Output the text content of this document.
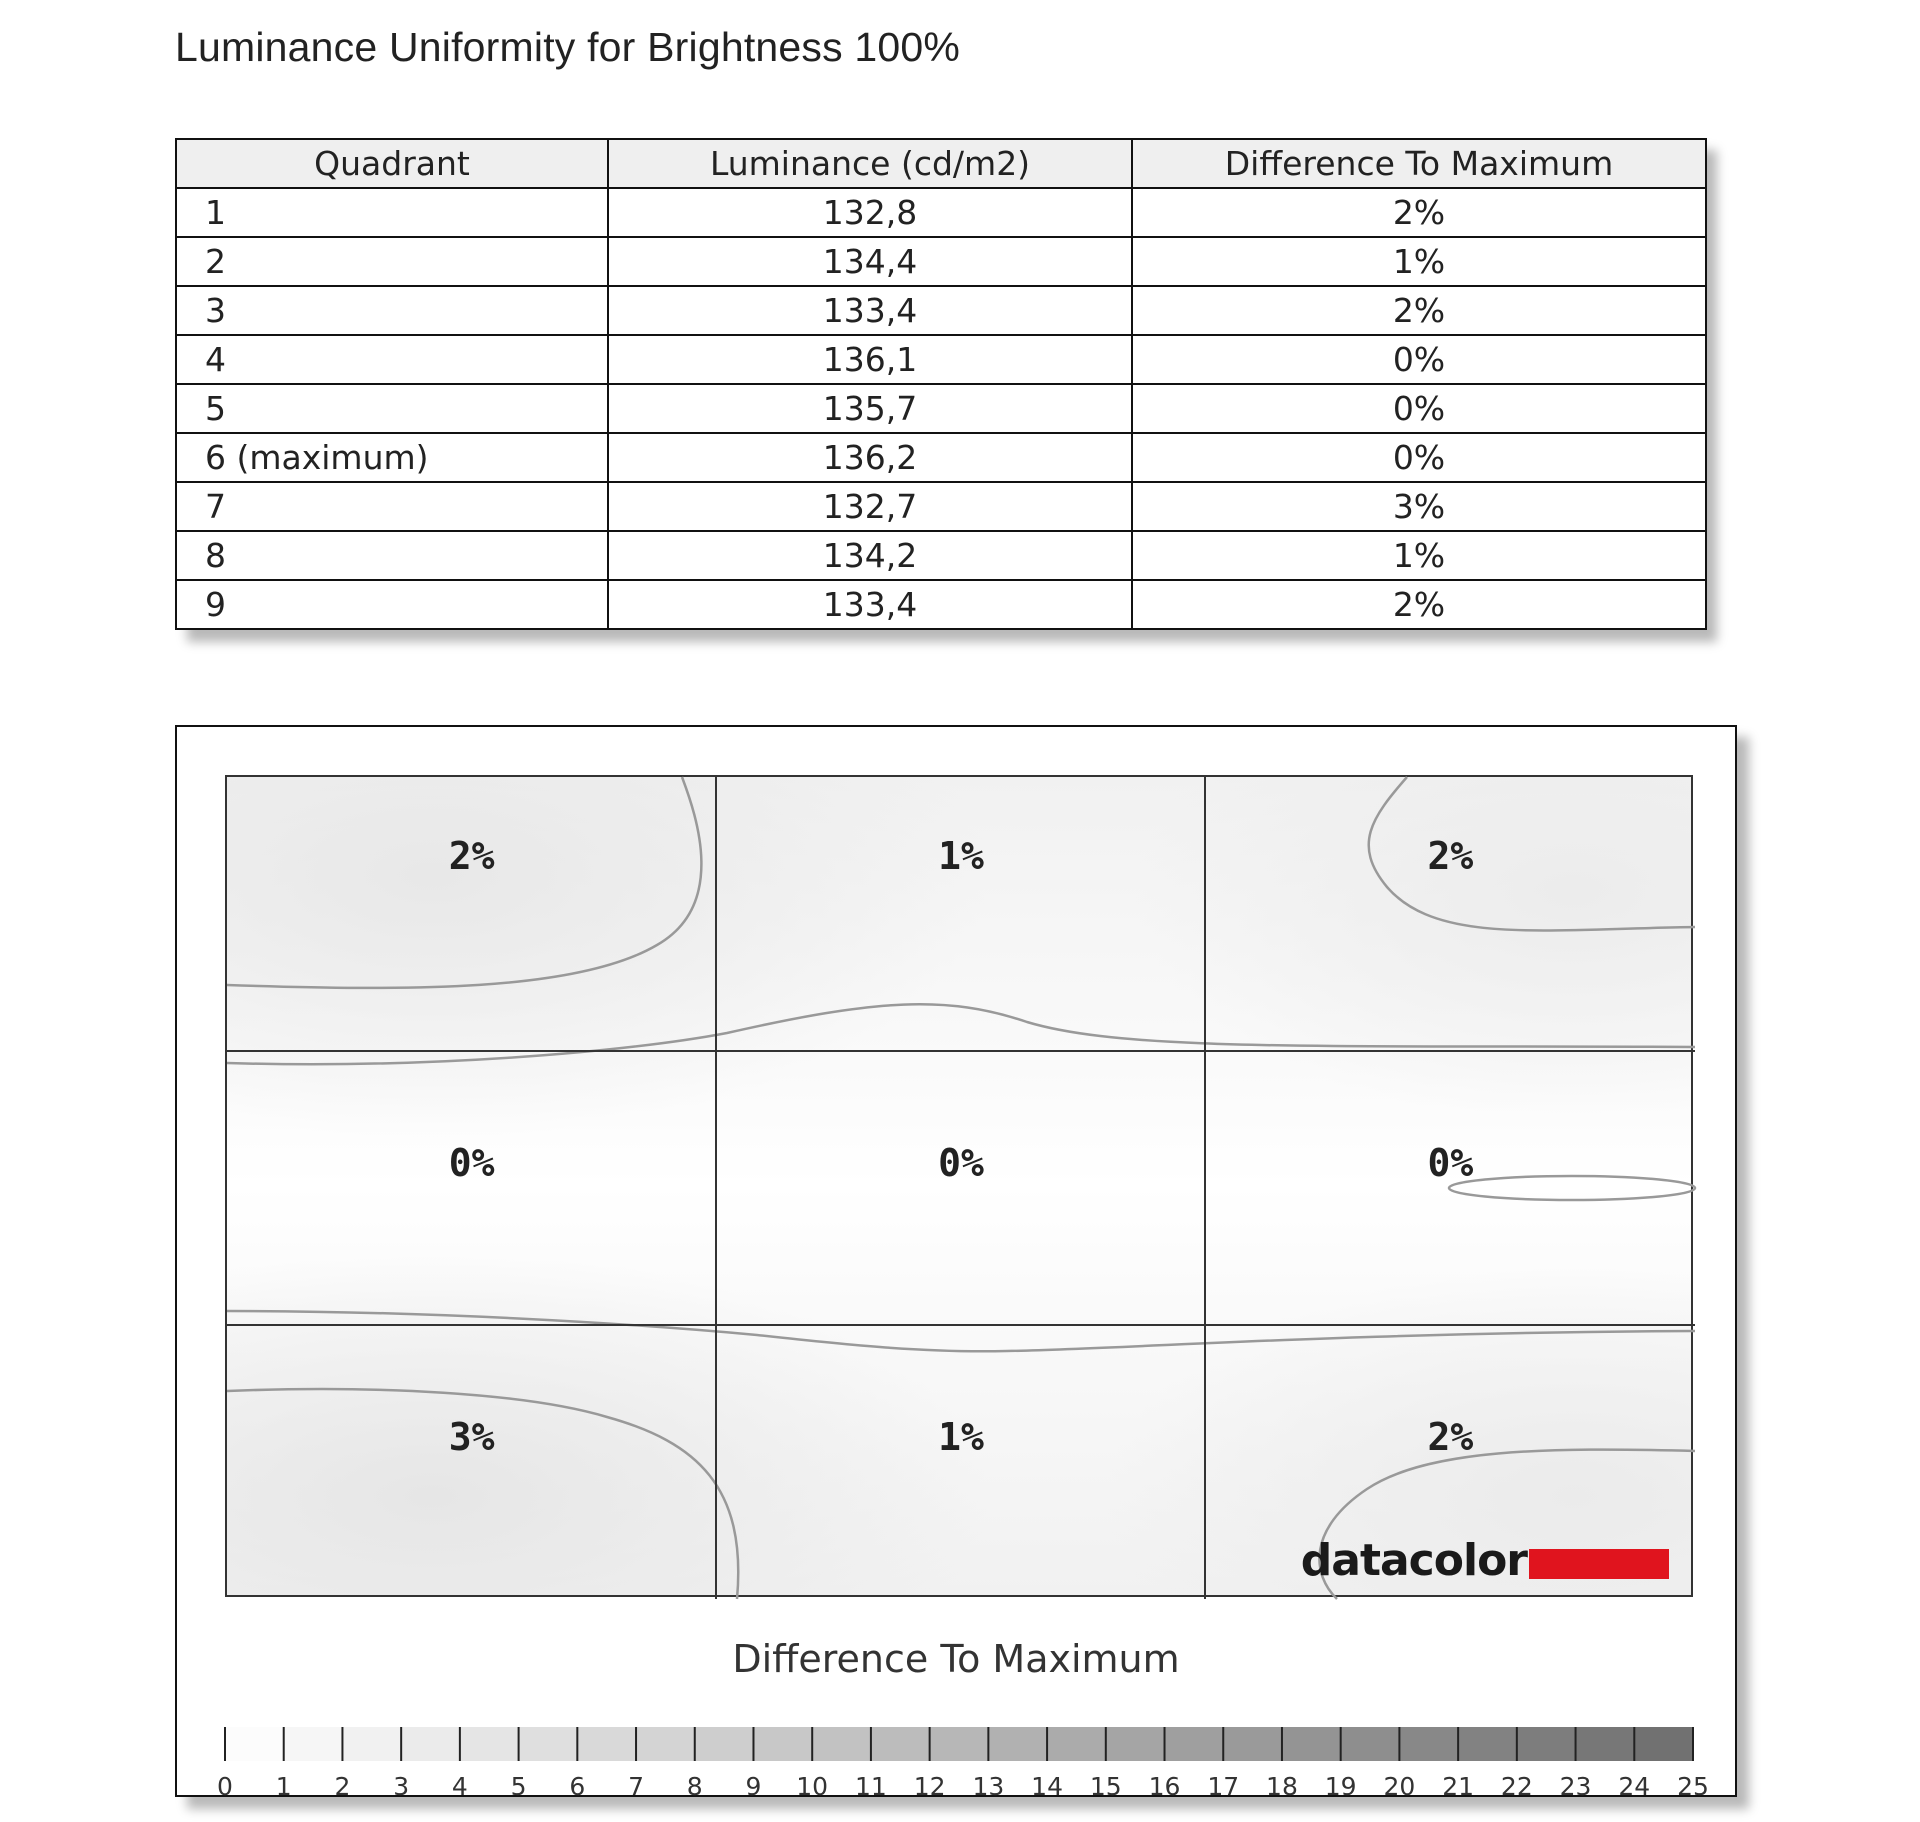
Luminance Uniformity for Brightness 100%
Quadrant	Luminance (cd/m2)	Difference To Maximum
1	132,8	2%
2	134,4	1%
3	133,4	2%
4	136,1	0%
5	135,7	0%
6 (maximum)	136,2	0%
7	132,7	3%
8	134,2	1%
9	133,4	2%
datacolor
2%	1%	2%
0%	0%	0%
3%	1%	2%
Difference To Maximum
0 1 2 3 4 5 6 7 8 9 10 11 12 13 14 15 16 17 18 19 20 21 22 23 24 25
